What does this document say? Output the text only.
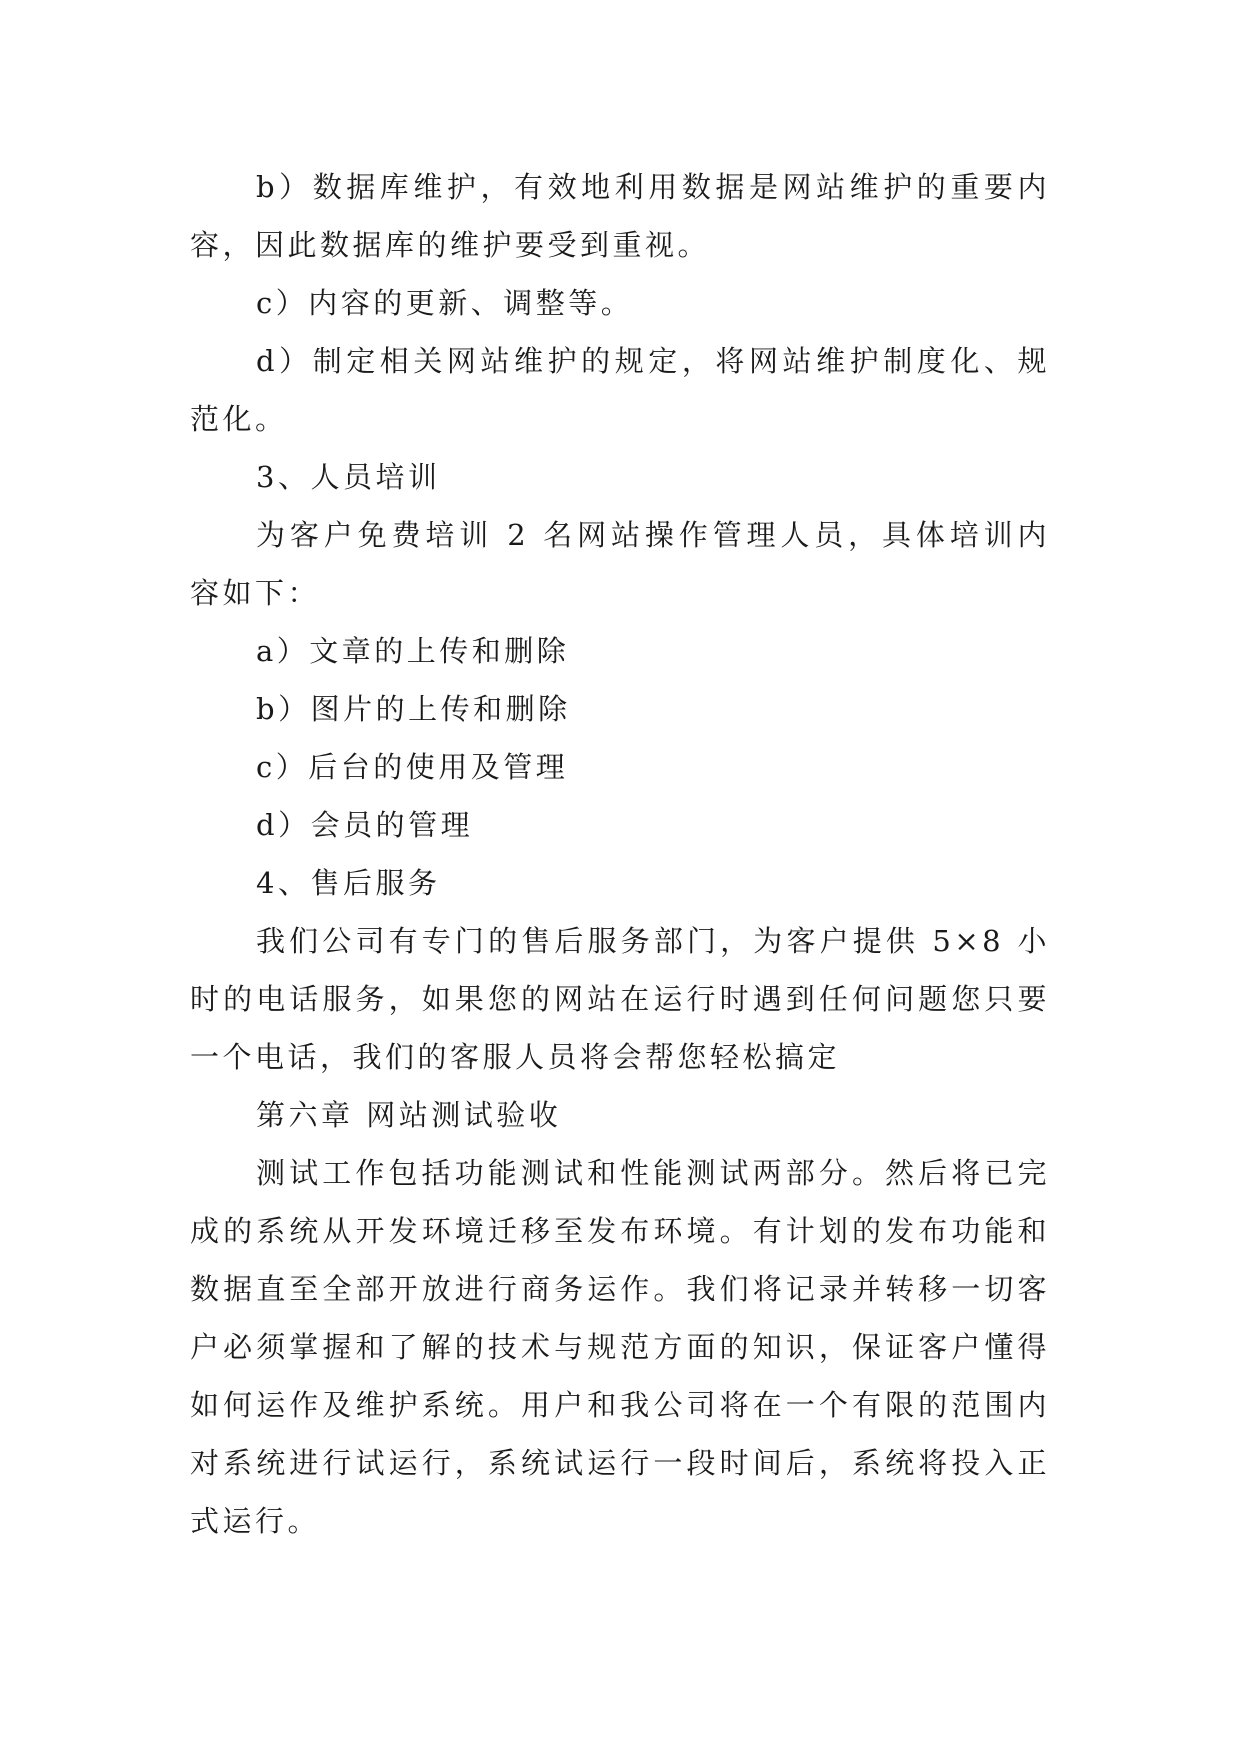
b）数据库维护，有效地利用数据是网站维护的重要内容，因此数据库的维护要受到重视。

c）内容的更新、调整等。

d）制定相关网站维护的规定，将网站维护制度化、规范化。

3、人员培训

为客户免费培训 2 名网站操作管理人员，具体培训内容如下：

a）文章的上传和删除

b）图片的上传和删除

c）后台的使用及管理

d）会员的管理

4、售后服务

我们公司有专门的售后服务部门，为客户提供 5×8 小时的电话服务，如果您的网站在运行时遇到任何问题您只要一个电话，我们的客服人员将会帮您轻松搞定

第六章 网站测试验收

测试工作包括功能测试和性能测试两部分。然后将已完成的系统从开发环境迁移至发布环境。有计划的发布功能和数据直至全部开放进行商务运作。我们将记录并转移一切客户必须掌握和了解的技术与规范方面的知识，保证客户懂得如何运作及维护系统。用户和我公司将在一个有限的范围内对系统进行试运行，系统试运行一段时间后，系统将投入正式运行。
